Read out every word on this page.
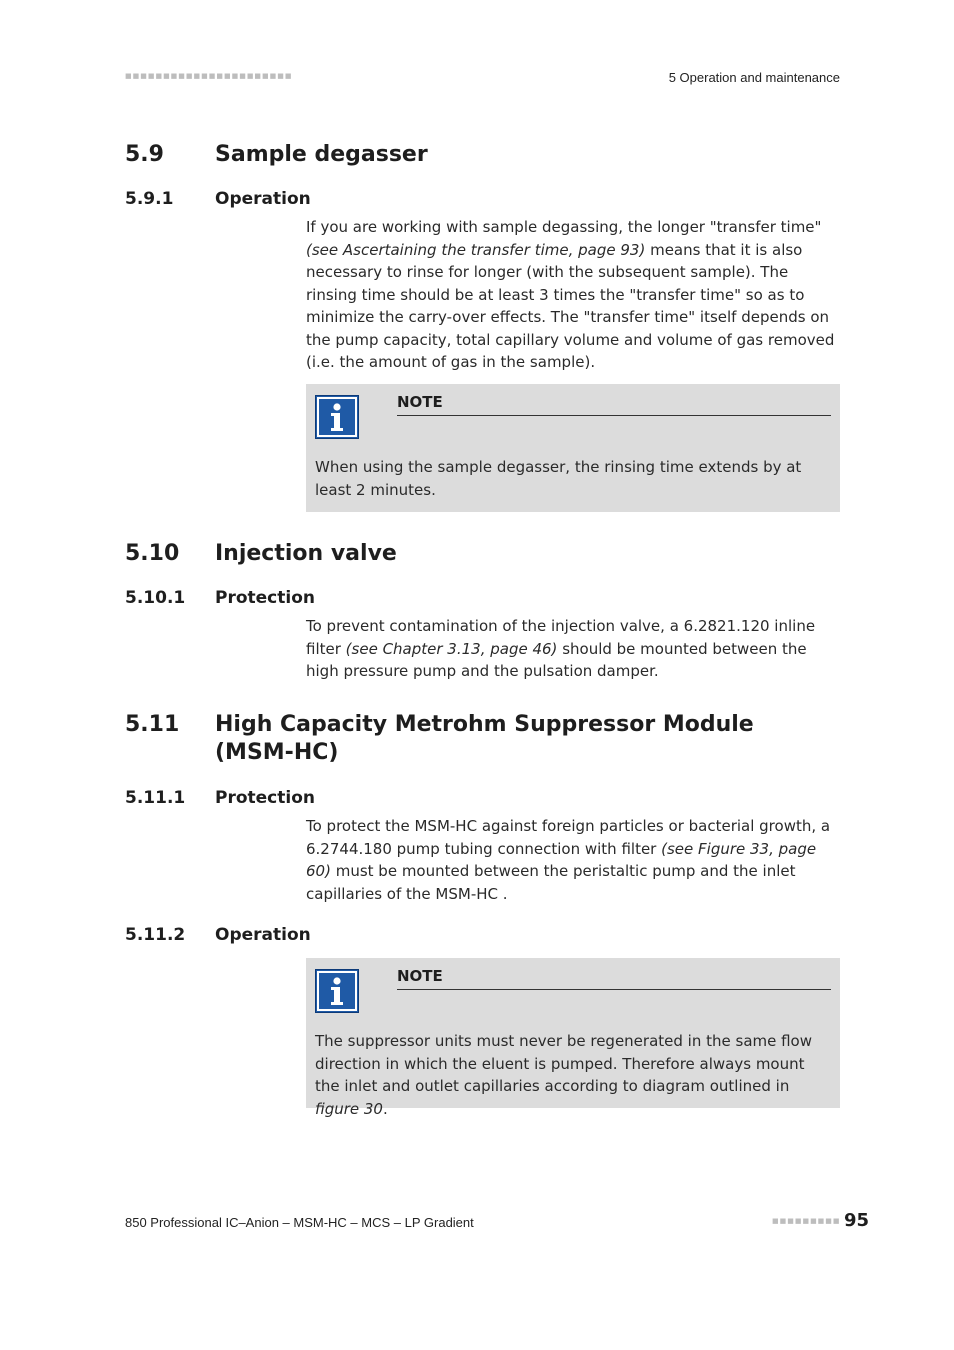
■■■■■■■■■■■■■■■■■■■■■■	5 Operation and maintenance
5.9 Sample degasser
5.9.1 Operation
If you are working with sample degassing, the longer "transfer time" (see Ascertaining the transfer time, page 93) means that it is also necessary to rinse for longer (with the subsequent sample). The rinsing time should be at least 3 times the "transfer time" so as to minimize the carry-over effects. The "transfer time" itself depends on the pump capacity, total capillary volume and volume of gas removed (i.e. the amount of gas in the sample).
NOTE
When using the sample degasser, the rinsing time extends by at least 2 minutes.
5.10 Injection valve
5.10.1 Protection
To prevent contamination of the injection valve, a 6.2821.120 inline filter (see Chapter 3.13, page 46) should be mounted between the high pressure pump and the pulsation damper.
5.11 High Capacity Metrohm Suppressor Module (MSM-HC)
5.11.1 Protection
To protect the MSM-HC against foreign particles or bacterial growth, a 6.2744.180 pump tubing connection with filter (see Figure 33, page 60) must be mounted between the peristaltic pump and the inlet capillaries of the MSM-HC .
5.11.2 Operation
NOTE
The suppressor units must never be regenerated in the same flow direction in which the eluent is pumped. Therefore always mount the inlet and outlet capillaries according to diagram outlined in figure 30.
850 Professional IC–Anion – MSM-HC – MCS – LP Gradient	■■■■■■■■■ 95
